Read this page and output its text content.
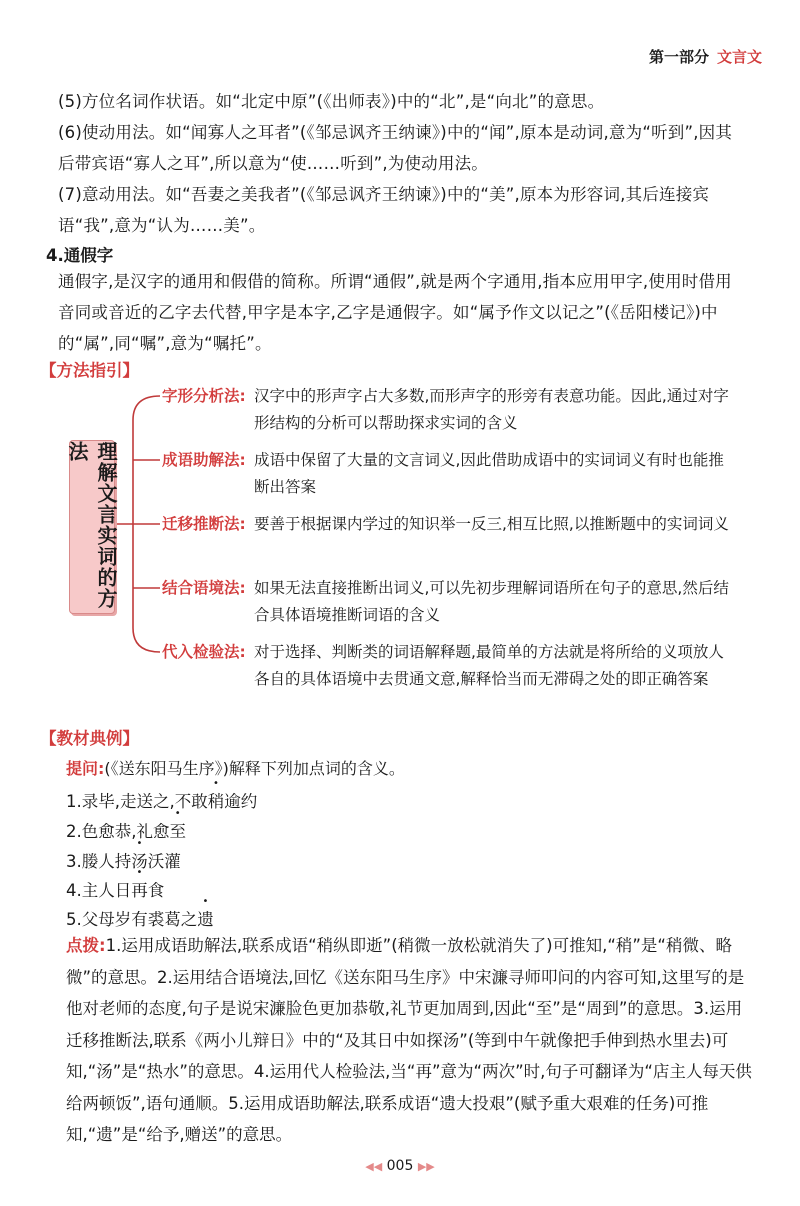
第一部分 文言文
(5)方位名词作状语。如“北定中原”(《出师表》)中的“北”,是“向北”的意思。
(6)使动用法。如“闻寡人之耳者”(《邹忌讽齐王纳谏》)中的“闻”,原本是动词,意为“听到”,因其后带宾语“寡人之耳”,所以意为“使……听到”,为使动用法。
(7)意动用法。如“吾妻之美我者”(《邹忌讽齐王纳谏》)中的“美”,原本为形容词,其后连接宾语“我”,意为“认为……美”。
4.通假字
通假字,是汉字的通用和假借的简称。所谓“通假”,就是两个字通用,指本应用甲字,使用时借用音同或音近的乙字去代替,甲字是本字,乙字是通假字。如“属予作文以记之”(《岳阳楼记》)中的“属”,同“嘱”,意为“嘱托”。
【方法指引】
理解文言实词的方法
字形分析法: 汉字中的形声字占大多数,而形声字的形旁有表意功能。因此,通过对字形结构的分析可以帮助探求实词的含义
成语助解法: 成语中保留了大量的文言词义,因此借助成语中的实词词义有时也能推断出答案
迁移推断法: 要善于根据课内学过的知识举一反三,相互比照,以推断题中的实词词义
结合语境法: 如果无法直接推断出词义,可以先初步理解词语所在句子的意思,然后结合具体语境推断词语的含义
代入检验法: 对于选择、判断类的词语解释题,最简单的方法就是将所给的义项放人各自的具体语境中去贯通文意,解释恰当而无滞碍之处的即正确答案
【教材典例】
提问:(《送东阳马生序》)解释下列加点词的含义。
1.录毕,走送之,不敢稍逾约
2.色愈恭,礼愈至
3.媵人持汤沃灌
4.主人日再食
5.父母岁有裘葛之遗
点拨:1.运用成语助解法,联系成语“稍纵即逝”(稍微一放松就消失了)可推知,“稍”是“稍微、略微”的意思。2.运用结合语境法,回忆《送东阳马生序》中宋濂寻师叩问的内容可知,这里写的是他对老师的态度,句子是说宋濂脸色更加恭敬,礼节更加周到,因此“至”是“周到”的意思。3.运用迁移推断法,联系《两小儿辩日》中的“及其日中如探汤”(等到中午就像把手伸到热水里去)可知,“汤”是“热水”的意思。4.运用代人检验法,当“再”意为“两次”时,句子可翻译为“店主人每天供给两顿饭”,语句通顺。5.运用成语助解法,联系成语“遗大投艰”(赋予重大艰难的任务)可推知,“遗”是“给予,赠送”的意思。
◀◀ 005 ▶▶
